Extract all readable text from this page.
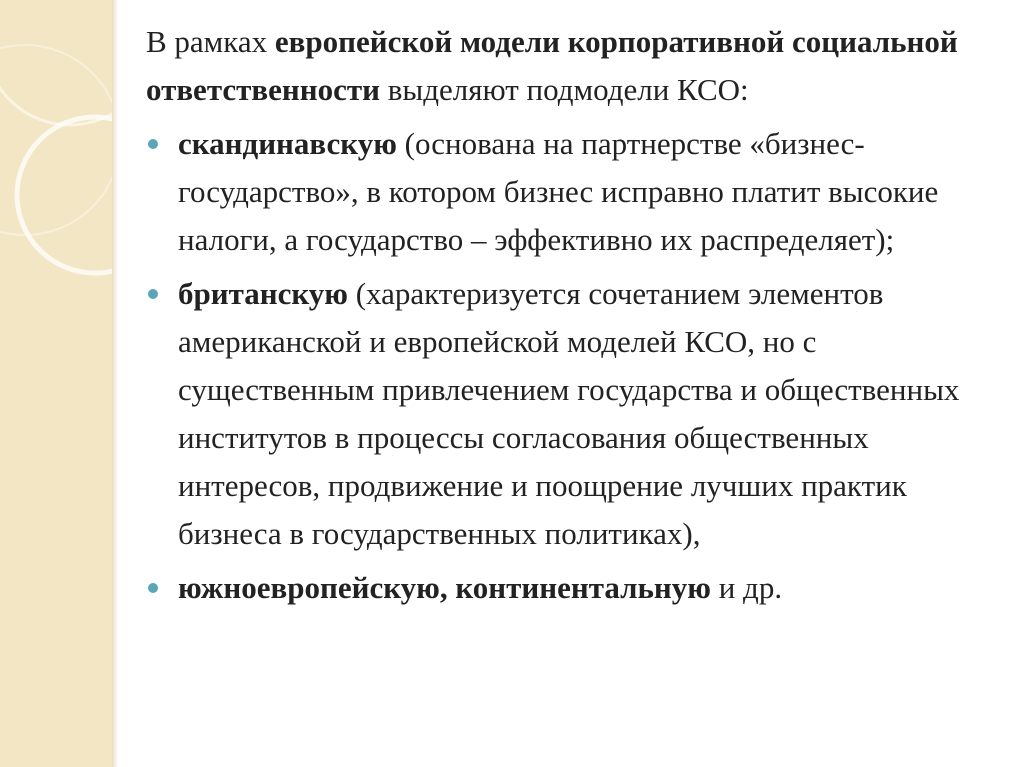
В рамках европейской модели корпоративной социальной ответственности выделяют подмодели КСО:

скандинавскую (основана на партнерстве «бизнес-государство», в котором бизнес исправно платит высокие налоги, а государство – эффективно их распределяет);
британскую (характеризуется сочетанием элементов американской и европейской моделей КСО, но с существенным привлечением государства и общественных институтов в процессы согласования общественных интересов, продвижение и поощрение лучших практик бизнеса в государственных политиках),
южноевропейскую, континентальную и др.
